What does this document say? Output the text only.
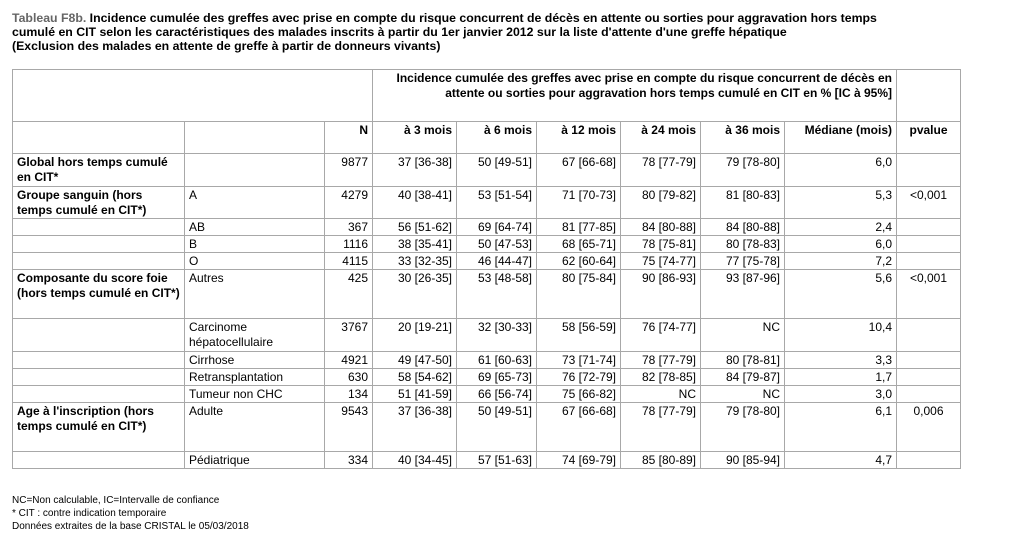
Tableau F8b. Incidence cumulée des greffes avec prise en compte du risque concurrent de décès en attente ou sorties pour aggravation hors temps
cumulé en CIT selon les caractéristiques des malades inscrits à partir du 1er janvier 2012 sur la liste d'attente d'une greffe hépatique
(Exclusion des malades en attente de greffe à partir de donneurs vivants)
			Incidence cumulée des greffes avec prise en compte du risque concurrent de décès en attente ou sorties pour aggravation hors temps cumulé en CIT en % [IC à 95%]						
		N	à 3 mois	à 6 mois	à 12 mois	à 24 mois	à 36 mois	Médiane (mois)	pvalue
Global hors temps cumulé en CIT*		9877	37 [36-38]	50 [49-51]	67 [66-68]	78 [77-79]	79 [78-80]	6,0	
Groupe sanguin (hors temps cumulé en CIT*)	A	4279	40 [38-41]	53 [51-54]	71 [70-73]	80 [79-82]	81 [80-83]	5,3	<0,001
	AB	367	56 [51-62]	69 [64-74]	81 [77-85]	84 [80-88]	84 [80-88]	2,4	
	B	1116	38 [35-41]	50 [47-53]	68 [65-71]	78 [75-81]	80 [78-83]	6,0	
	O	4115	33 [32-35]	46 [44-47]	62 [60-64]	75 [74-77]	77 [75-78]	7,2	
Composante du score foie (hors temps cumulé en CIT*)	Autres	425	30 [26-35]	53 [48-58]	80 [75-84]	90 [86-93]	93 [87-96]	5,6	<0,001
	Carcinome hépatocellulaire	3767	20 [19-21]	32 [30-33]	58 [56-59]	76 [74-77]	NC	10,4	
	Cirrhose	4921	49 [47-50]	61 [60-63]	73 [71-74]	78 [77-79]	80 [78-81]	3,3	
	Retransplantation	630	58 [54-62]	69 [65-73]	76 [72-79]	82 [78-85]	84 [79-87]	1,7	
	Tumeur non CHC	134	51 [41-59]	66 [56-74]	75 [66-82]	NC	NC	3,0	
Age à l'inscription (hors temps cumulé en CIT*)	Adulte	9543	37 [36-38]	50 [49-51]	67 [66-68]	78 [77-79]	79 [78-80]	6,1	0,006
	Pédiatrique	334	40 [34-45]	57 [51-63]	74 [69-79]	85 [80-89]	90 [85-94]	4,7	
NC=Non calculable, IC=Intervalle de confiance
* CIT : contre indication temporaire
Données extraites de la base CRISTAL le 05/03/2018
